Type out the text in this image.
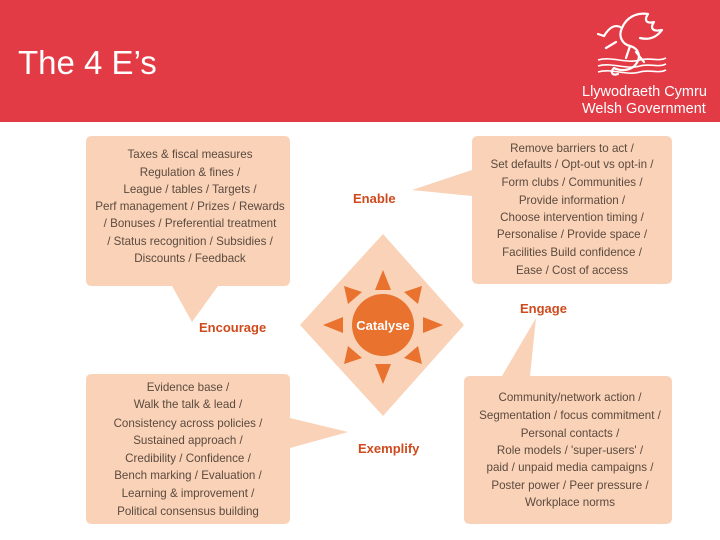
The 4 E’s
Llywodraeth Cymru
Welsh Government
Catalyse
Enable
Encourage
Engage
Exemplify
Taxes & fiscal measures
Regulation & fines /
League / tables / Targets /
Perf management / Prizes / Rewards
/ Bonuses / Preferential treatment
/ Status recognition / Subsidies /
Discounts / Feedback
Remove barriers to act /
Set defaults / Opt-out vs opt-in /
Form clubs / Communities /
Provide information /
Choose intervention timing /
Personalise / Provide space /
Facilities Build confidence /
Ease / Cost of access
Evidence base /
Walk the talk & lead /
Consistency across policies /
Sustained approach /
Credibility / Confidence /
Bench marking / Evaluation /
Learning & improvement /
Political consensus building
Community/network action /
Segmentation / focus commitment /
Personal contacts /
Role models / 'super-users' /
paid / unpaid media campaigns /
Poster power / Peer pressure /
Workplace norms
